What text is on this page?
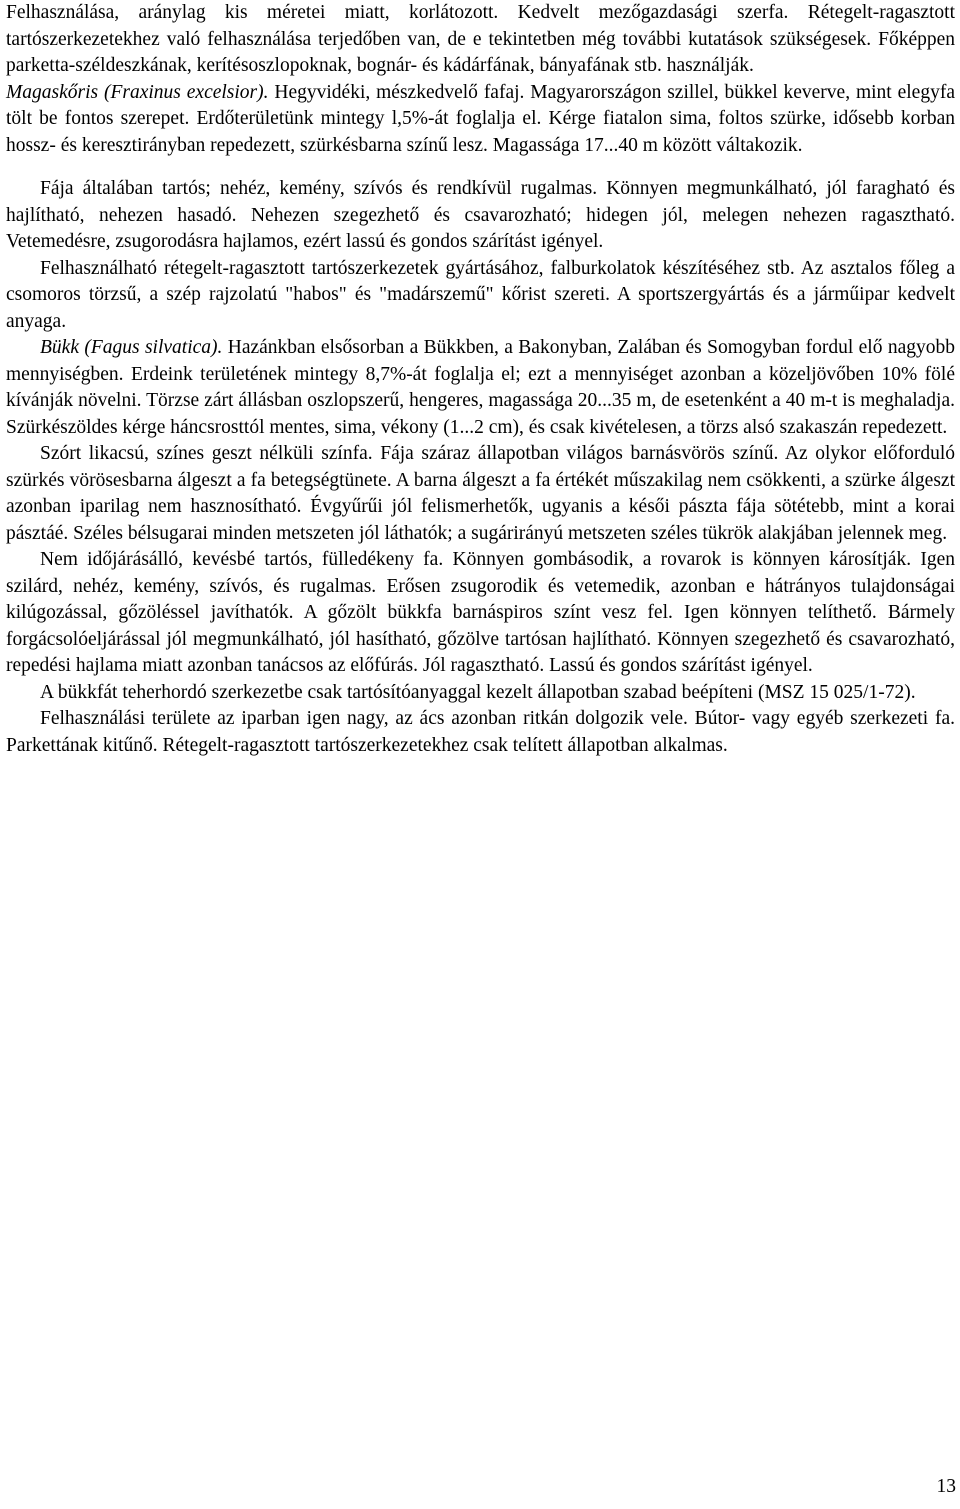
Felhasználása, aránylag kis méretei miatt, korlátozott. Kedvelt mezőgazdasági szerfa. Rétegelt-ragasztott tartószerkezetekhez való felhasználása terjedőben van, de e tekintetben még további kutatások szükségesek. Főképpen parketta-széldeszkának, kerítésoszlopoknak, bognár- és kádárfának, bányafának stb. használják.

Magaskőris (Fraxinus excelsior). Hegyvidéki, mészkedvelő fafaj. Magyarországon szillel, bükkel keverve, mint elegyfa tölt be fontos szerepet. Erdőterületünk mintegy l,5%-át foglalja el. Kérge fiatalon sima, foltos szürke, idősebb korban hossz- és keresztirányban repedezett, szürkésbarna színű lesz. Magassága 17...40 m között váltakozik.

Fája általában tartós; nehéz, kemény, szívós és rendkívül rugalmas. Könnyen megmunkálható, jól faragható és hajlítható, nehezen hasadó. Nehezen szegezhető és csavarozható; hidegen jól, melegen nehezen ragasztható. Vetemedésre, zsugorodásra hajlamos, ezért lassú és gondos szárítást igényel.

Felhasználható rétegelt-ragasztott tartószerkezetek gyártásához, falburkolatok készítéséhez stb. Az asztalos főleg a csomoros törzsű, a szép rajzolatú "habos" és "madárszemű" kőrist szereti. A sportszergyártás és a járműipar kedvelt anyaga.

Bükk (Fagus silvatica). Hazánkban elsősorban a Bükkben, a Bakonyban, Zalában és Somogyban fordul elő nagyobb mennyiségben. Erdeink területének mintegy 8,7%-át foglalja el; ezt a mennyiséget azonban a közeljövőben 10% fölé kívánják növelni. Törzse zárt állásban oszlopszerű, hengeres, magassága 20...35 m, de esetenként a 40 m-t is meghaladja. Szürkészöldes kérge háncsrosttól mentes, sima, vékony (1...2 cm), és csak kivételesen, a törzs alsó szakaszán repedezett.

Szórt likacsú, színes geszt nélküli színfa. Fája száraz állapotban világos barnásvörös színű. Az olykor előforduló szürkés vörösesbarna álgeszt a fa betegségtünete. A barna álgeszt a fa értékét műszakilag nem csökkenti, a szürke álgeszt azonban iparilag nem hasznosítható. Évgyűrűi jól felismerhetők, ugyanis a késői pászta fája sötétebb, mint a korai pásztáé. Széles bélsugarai minden metszeten jól láthatók; a sugárirányú metszeten széles tükrök alakjában jelennek meg.

Nem időjárásálló, kevésbé tartós, fülledékeny fa. Könnyen gombásodik, a rovarok is könnyen károsítják. Igen szilárd, nehéz, kemény, szívós, és rugalmas. Erősen zsugorodik és vetemedik, azonban e hátrányos tulajdonságai kilúgozással, gőzöléssel javíthatók. A gőzölt bükkfa barnáspiros színt vesz fel. Igen könnyen telíthető. Bármely forgácsolóeljárással jól megmunkálható, jól hasítható, gőzölve tartósan hajlítható. Könnyen szegezhető és csavarozható, repedési hajlama miatt azonban tanácsos az előfúrás. Jól ragasztható. Lassú és gondos szárítást igényel.

A bükkfát teherhordó szerkezetbe csak tartósítóanyaggal kezelt állapotban szabad beépíteni (MSZ 15 025/1-72).

Felhasználási területe az iparban igen nagy, az ács azonban ritkán dolgozik vele. Bútor- vagy egyéb szerkezeti fa. Parkettának kitűnő. Rétegelt-ragasztott tartószerkezetekhez csak telített állapotban alkalmas.

13
